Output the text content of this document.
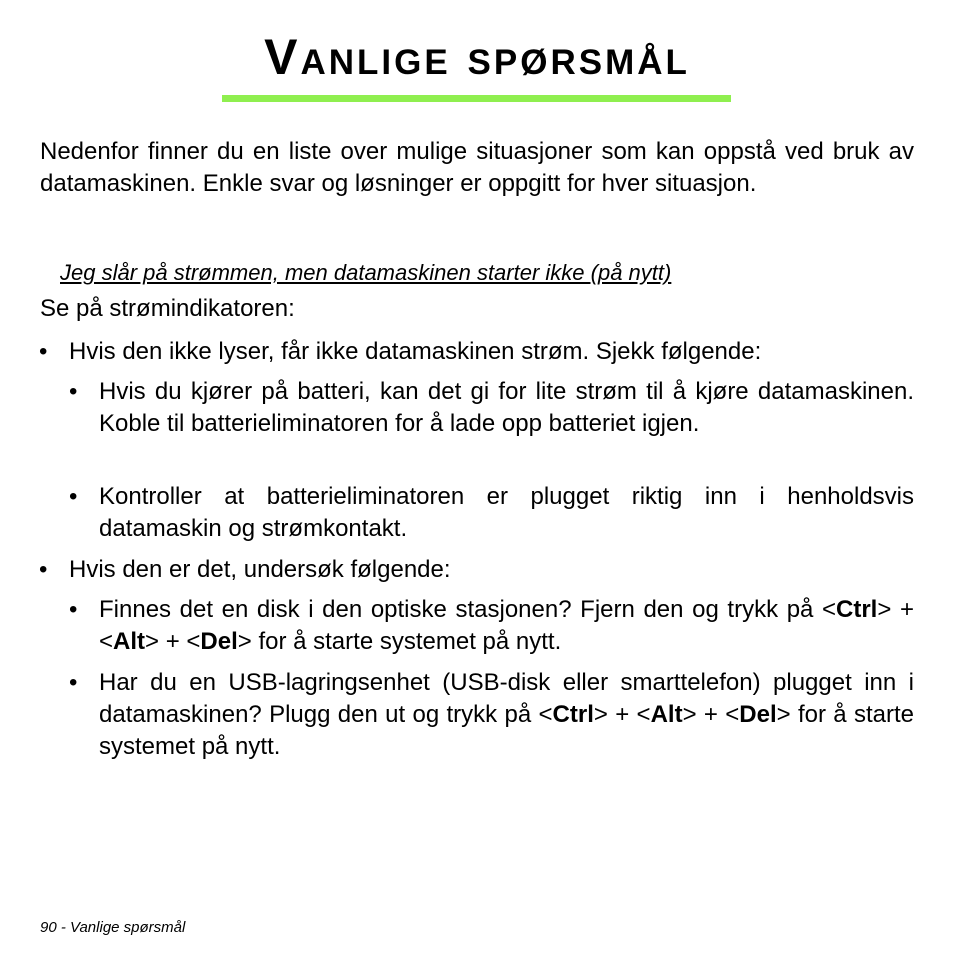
Vanlige spørsmål

Nedenfor finner du en liste over mulige situasjoner som kan oppstå ved bruk av datamaskinen. Enkle svar og løsninger er oppgitt for hver situasjon.

Jeg slår på strømmen, men datamaskinen starter ikke (på nytt)

Se på strømindikatoren:

• Hvis den ikke lyser, får ikke datamaskinen strøm. Sjekk følgende:
• Hvis du kjører på batteri, kan det gi for lite strøm til å kjøre datamaskinen. Koble til batterieliminatoren for å lade opp batteriet igjen.
• Kontroller at batterieliminatoren er plugget riktig inn i henholdsvis datamaskin og strømkontakt.
• Hvis den er det, undersøk følgende:
• Finnes det en disk i den optiske stasjonen? Fjern den og trykk på <Ctrl> + <Alt> + <Del> for å starte systemet på nytt.
• Har du en USB-lagringsenhet (USB-disk eller smarttelefon) plugget inn i datamaskinen? Plugg den ut og trykk på <Ctrl> + <Alt> + <Del> for å starte systemet på nytt.

90 - Vanlige spørsmål
